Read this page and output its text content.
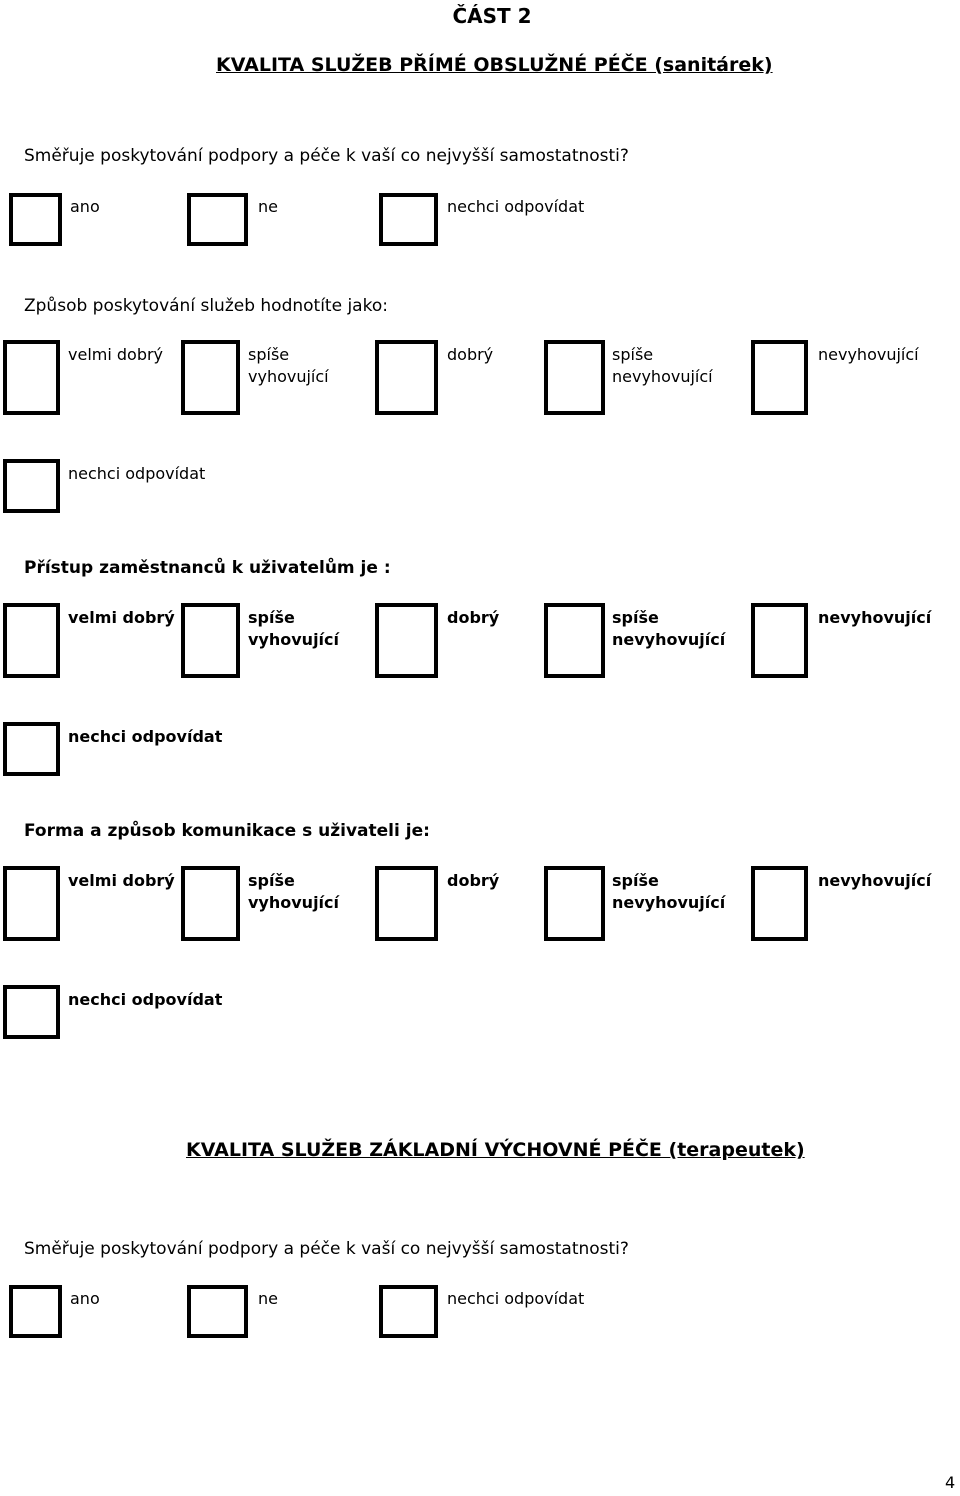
ČÁST 2
KVALITA SLUŽEB PŘÍMÉ OBSLUŽNÉ PÉČE (sanitárek)
Směřuje poskytování podpory a péče k vaší co nejvyšší samostatnosti?
ano	ne	nechci odpovídat
Způsob poskytování služeb hodnotíte jako:
velmi dobrý	spíše vyhovující
dobrý	spíše nevyhovující
nevyhovující
nechci odpovídat
Přístup zaměstnanců k uživatelům je :
velmi dobrý	spíše vyhovující
dobrý	spíše nevyhovující
nevyhovující
nechci odpovídat
Forma a způsob komunikace s uživateli je:
velmi dobrý	spíše vyhovující
dobrý	spíše nevyhovující
nevyhovující
nechci odpovídat
KVALITA SLUŽEB ZÁKLADNÍ VÝCHOVNÉ PÉČE (terapeutek)
Směřuje poskytování podpory a péče k vaší co nejvyšší samostatnosti?
ano	ne	nechci odpovídat
4
